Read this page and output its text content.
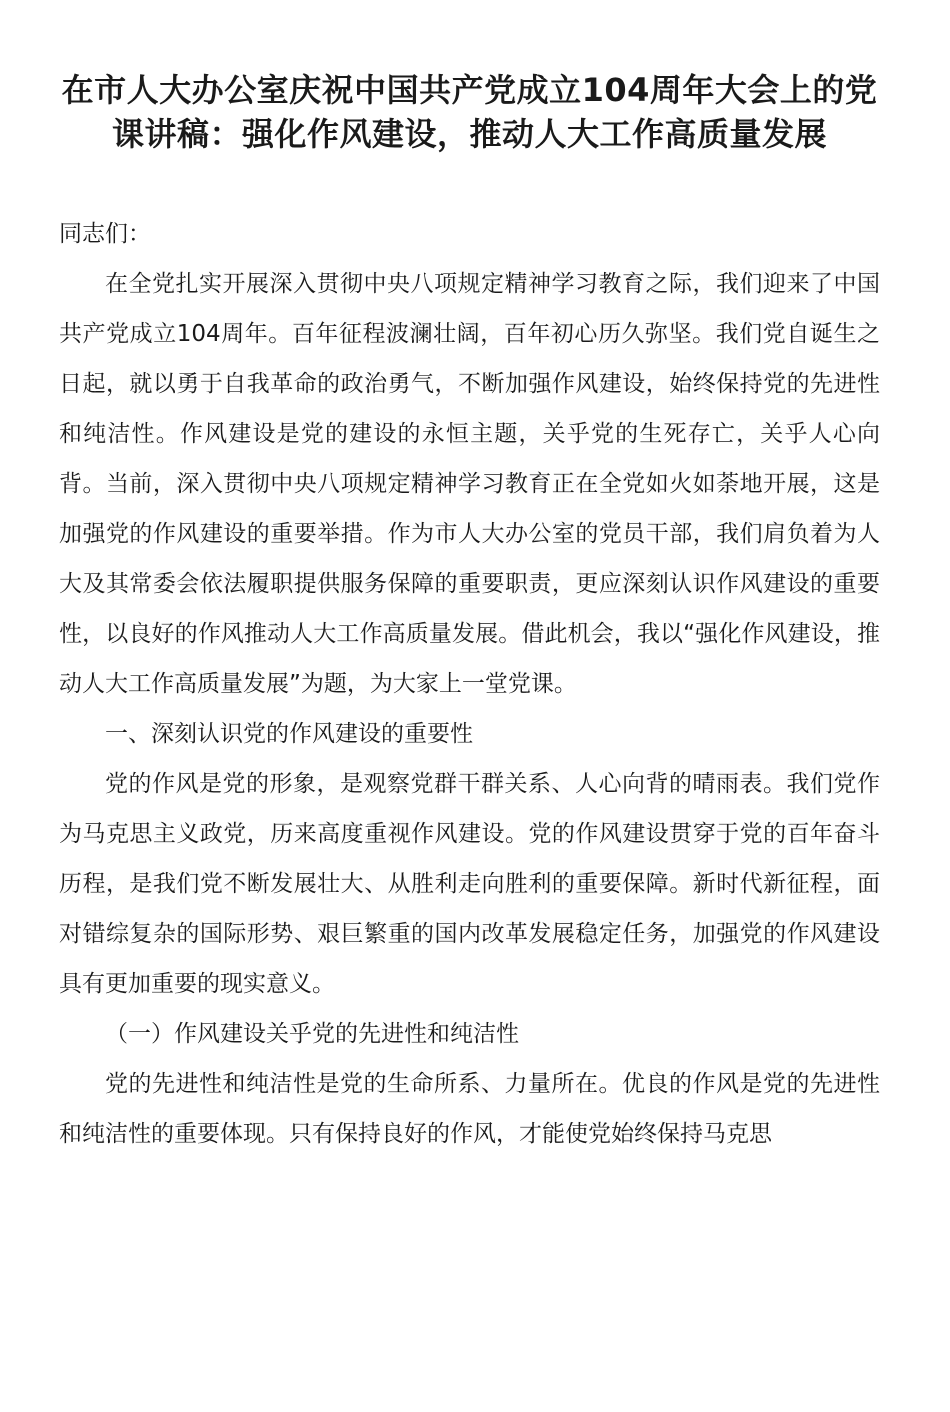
在市人大办公室庆祝中国共产党成立104周年大会上的党课讲稿：强化作风建设，推动人大工作高质量发展

同志们：

在全党扎实开展深入贯彻中央八项规定精神学习教育之际，我们迎来了中国共产党成立104周年。百年征程波澜壮阔，百年初心历久弥坚。我们党自诞生之日起，就以勇于自我革命的政治勇气，不断加强作风建设，始终保持党的先进性和纯洁性。作风建设是党的建设的永恒主题，关乎党的生死存亡，关乎人心向背。当前，深入贯彻中央八项规定精神学习教育正在全党如火如荼地开展，这是加强党的作风建设的重要举措。作为市人大办公室的党员干部，我们肩负着为人大及其常委会依法履职提供服务保障的重要职责，更应深刻认识作风建设的重要性，以良好的作风推动人大工作高质量发展。借此机会，我以“强化作风建设，推动人大工作高质量发展”为题，为大家上一堂党课。

一、深刻认识党的作风建设的重要性

党的作风是党的形象，是观察党群干群关系、人心向背的晴雨表。我们党作为马克思主义政党，历来高度重视作风建设。党的作风建设贯穿于党的百年奋斗历程，是我们党不断发展壮大、从胜利走向胜利的重要保障。新时代新征程，面对错综复杂的国际形势、艰巨繁重的国内改革发展稳定任务，加强党的作风建设具有更加重要的现实意义。

（一）作风建设关乎党的先进性和纯洁性

党的先进性和纯洁性是党的生命所系、力量所在。优良的作风是党的先进性和纯洁性的重要体现。只有保持良好的作风，才能使党始终保持马克思
